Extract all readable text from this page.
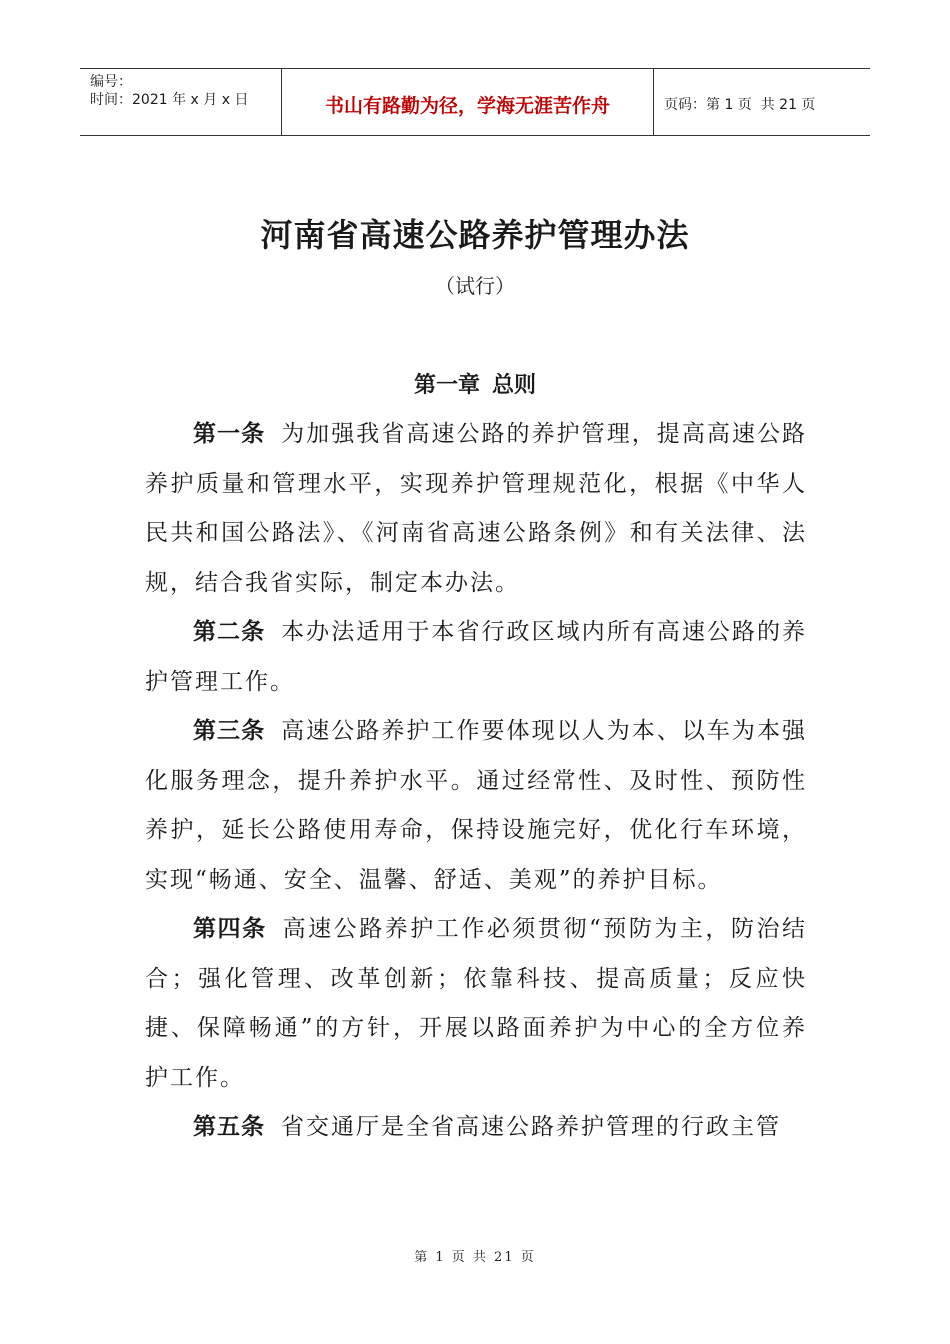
编号：
时间：2021 年 x 月 x 日	书山有路勤为径，学海无涯苦作舟	页码：第 1 页  共 21 页
河南省高速公路养护管理办法
（试行）
第一章 总则

第一条 为加强我省高速公路的养护管理，提高高速公路养护质量和管理水平，实现养护管理规范化，根据《中华人民共和国公路法》、《河南省高速公路条例》和有关法律、法规，结合我省实际，制定本办法。

第二条 本办法适用于本省行政区域内所有高速公路的养护管理工作。

第三条 高速公路养护工作要体现以人为本、以车为本强化服务理念，提升养护水平。通过经常性、及时性、预防性养护，延长公路使用寿命，保持设施完好，优化行车环境，实现“畅通、安全、温馨、舒适、美观”的养护目标。

第四条 高速公路养护工作必须贯彻“预防为主，防治结合；强化管理、改革创新；依靠科技、提高质量；反应快捷、保障畅通”的方针，开展以路面养护为中心的全方位养护工作。

第五条 省交通厅是全省高速公路养护管理的行政主管

第 1 页 共 21 页
